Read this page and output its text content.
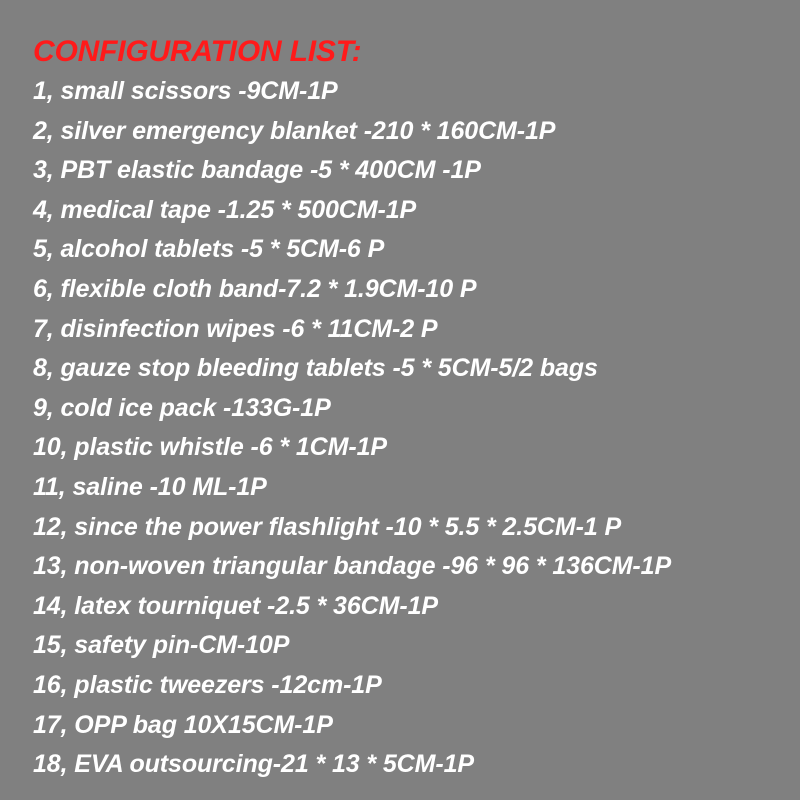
CONFIGURATION LIST:
1, small scissors -9CM-1P
2, silver emergency blanket -210 * 160CM-1P
3, PBT elastic bandage -5 * 400CM -1P
4, medical tape -1.25 * 500CM-1P
5, alcohol tablets -5 * 5CM-6 P
6, flexible cloth band-7.2 * 1.9CM-10 P
7, disinfection wipes -6 * 11CM-2 P
8, gauze stop bleeding tablets -5 * 5CM-5/2 bags
9, cold ice pack -133G-1P
10, plastic whistle -6 * 1CM-1P
11, saline -10 ML-1P
12, since the power flashlight -10 * 5.5 * 2.5CM-1 P
13, non-woven triangular bandage -96 * 96 * 136CM-1P
14, latex tourniquet -2.5 * 36CM-1P
15, safety pin-CM-10P
16, plastic tweezers -12cm-1P
17, OPP bag 10X15CM-1P
18, EVA outsourcing-21 * 13 * 5CM-1P
